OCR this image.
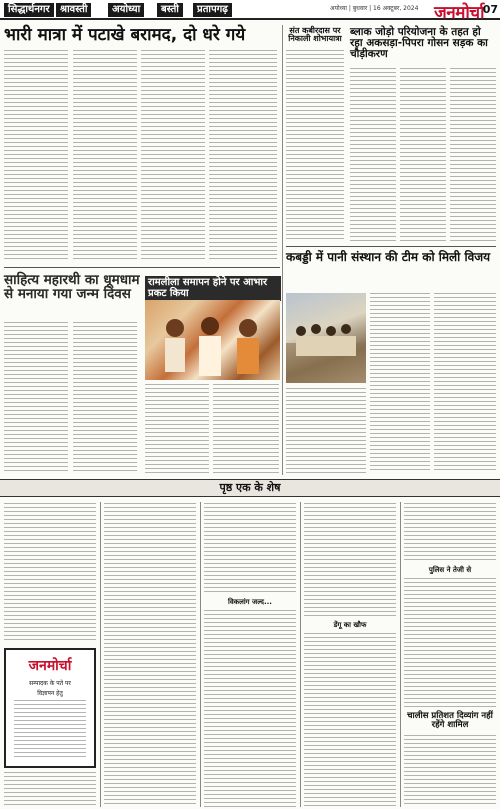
सिद्धार्थनगर	श्रावस्ती	अयोध्या	बस्ती	प्रतापगढ़	अयोध्या | बुधवार | 16 अक्टूबर, 2024 जनमोर्चा
07
भारी मात्रा में पटाखे बरामद, दो धरे गये
साहित्य महारथी का धूमधाम से मनाया गया जन्म दिवस
रामलीला समापन होने पर आभार प्रकट किया
संत कबीरदास पर निकाली शोभायात्रा
ब्लाक जोड़ो परियोजना के तहत हो रहा अकसड़ा-पिपरा गोसन सड़क का चौड़ीकरण
कबड्डी में पानी संस्थान की टीम को मिली विजय
पृष्ठ एक के शेष
जनमोर्चा
सम्पादक के पते पर
विज्ञापन हेतु
विकलांग जल्द...
डेंगू का खौफ
पुलिस ने तेजी से
चालीस प्रतिशत दिव्यांग नहीं रहेंगे शामिल
